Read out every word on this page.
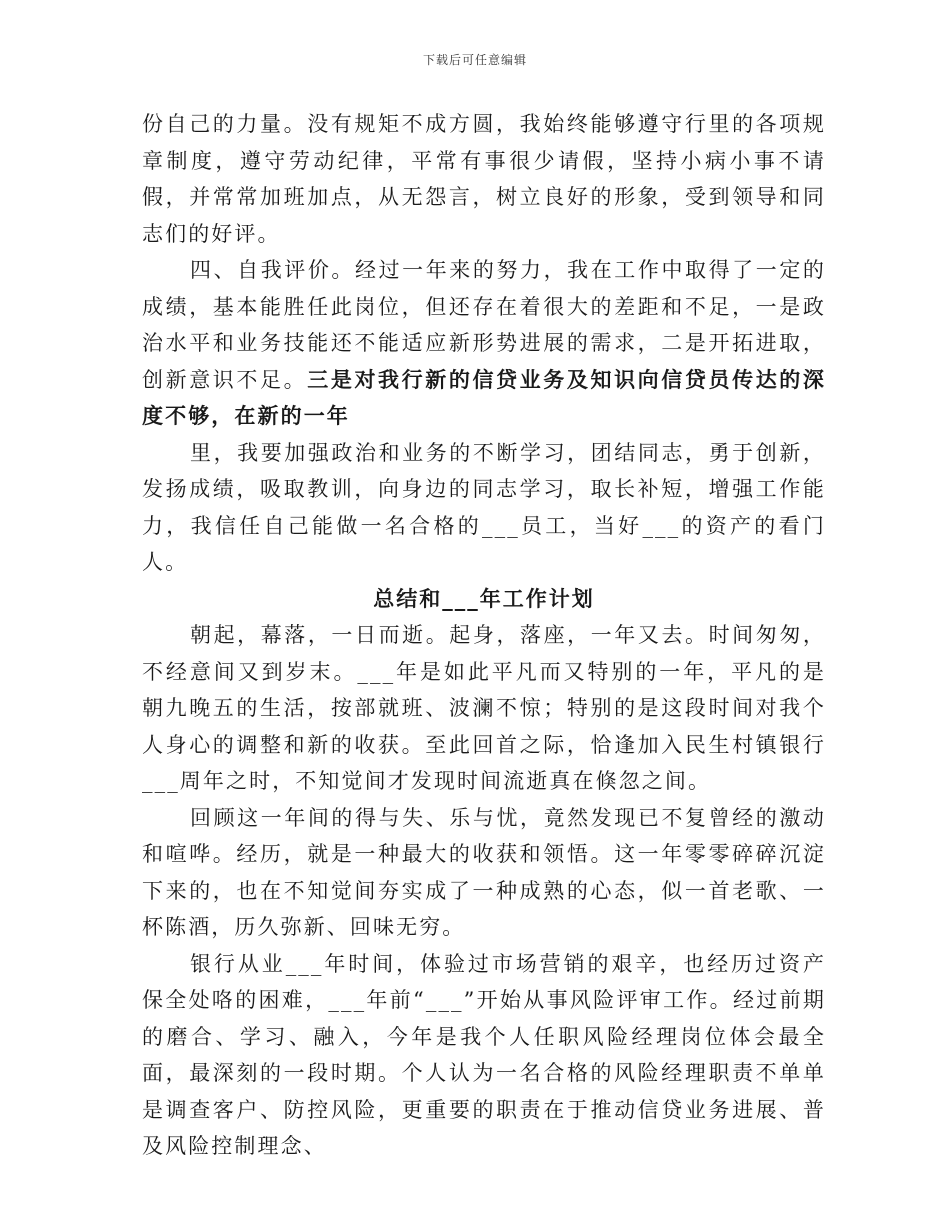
下载后可任意编辑

份自己的力量。没有规矩不成方圆，我始终能够遵守行里的各项规章制度，遵守劳动纪律，平常有事很少请假，坚持小病小事不请假，并常常加班加点，从无怨言，树立良好的形象，受到领导和同志们的好评。

四、自我评价。经过一年来的努力，我在工作中取得了一定的成绩，基本能胜任此岗位，但还存在着很大的差距和不足，一是政治水平和业务技能还不能适应新形势进展的需求，二是开拓进取，创新意识不足。三是对我行新的信贷业务及知识向信贷员传达的深度不够，在新的一年

里，我要加强政治和业务的不断学习，团结同志，勇于创新，发扬成绩，吸取教训，向身边的同志学习，取长补短，增强工作能力，我信任自己能做一名合格的___员工，当好___的资产的看门人。

总结和___年工作计划

朝起，幕落，一日而逝。起身，落座，一年又去。时间匆匆，不经意间又到岁末。___年是如此平凡而又特别的一年，平凡的是朝九晚五的生活，按部就班、波澜不惊；特别的是这段时间对我个人身心的调整和新的收获。至此回首之际，恰逢加入民生村镇银行___周年之时，不知觉间才发现时间流逝真在倏忽之间。

回顾这一年间的得与失、乐与忧，竟然发现已不复曾经的激动和喧哗。经历，就是一种最大的收获和领悟。这一年零零碎碎沉淀下来的，也在不知觉间夯实成了一种成熟的心态，似一首老歌、一杯陈酒，历久弥新、回味无穷。

银行从业___年时间，体验过市场营销的艰辛，也经历过资产保全处咯的困难，___年前“___”开始从事风险评审工作。经过前期的磨合、学习、融入，今年是我个人任职风险经理岗位体会最全面，最深刻的一段时期。个人认为一名合格的风险经理职责不单单是调查客户、防控风险，更重要的职责在于推动信贷业务进展、普及风险控制理念、
